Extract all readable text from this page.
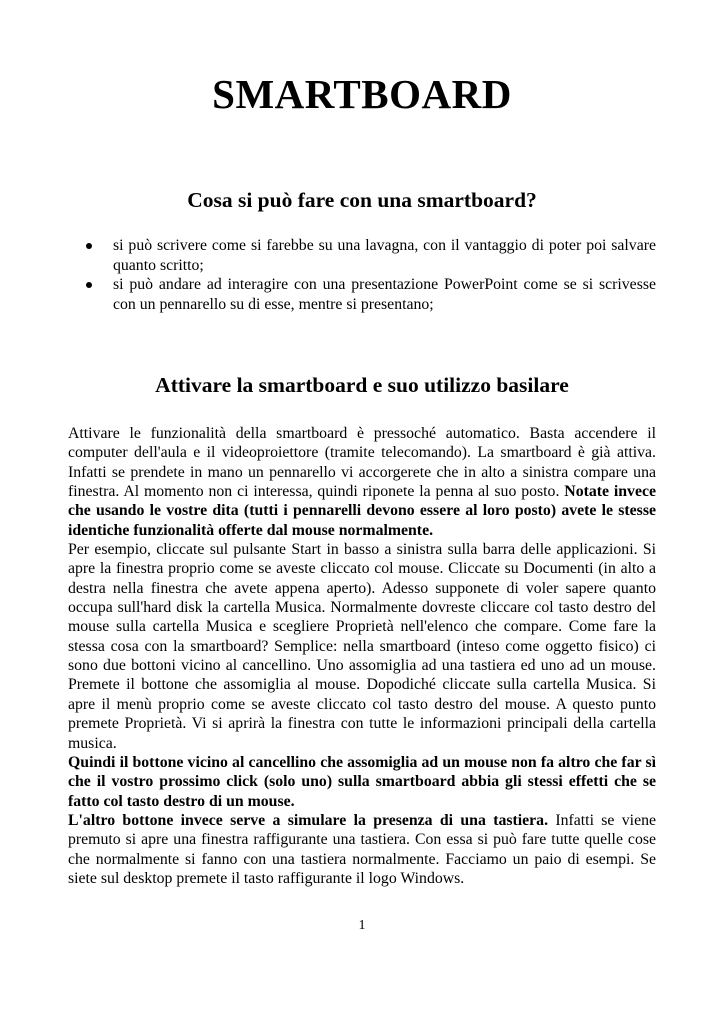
SMARTBOARD
Cosa si può fare con una smartboard?
si può scrivere come si farebbe su una lavagna, con il vantaggio di poter poi salvare quanto scritto;
si può andare ad interagire con una presentazione PowerPoint come se si scrivesse con un pennarello su di esse, mentre si presentano;
Attivare la smartboard e suo utilizzo basilare

Attivare le funzionalità della smartboard è pressoché automatico. Basta accendere il computer dell'aula e il videoproiettore (tramite telecomando). La smartboard è già attiva. Infatti se prendete in mano un pennarello vi accorgerete che in alto a sinistra compare una finestra. Al momento non ci interessa, quindi riponete la penna al suo posto. Notate invece che usando le vostre dita (tutti i pennarelli devono essere al loro posto) avete le stesse identiche funzionalità offerte dal mouse normalmente.

Per esempio, cliccate sul pulsante Start in basso a sinistra sulla barra delle applicazioni. Si apre la finestra proprio come se aveste cliccato col mouse. Cliccate su Documenti (in alto a destra nella finestra che avete appena aperto). Adesso supponete di voler sapere quanto occupa sull'hard disk la cartella Musica. Normalmente dovreste cliccare col tasto destro del mouse sulla cartella Musica e scegliere Proprietà nell'elenco che compare. Come fare la stessa cosa con la smartboard? Semplice: nella smartboard (inteso come oggetto fisico) ci sono due bottoni vicino al cancellino. Uno assomiglia ad una tastiera ed uno ad un mouse. Premete il bottone che assomiglia al mouse. Dopodiché cliccate sulla cartella Musica. Si apre il menù proprio come se aveste cliccato col tasto destro del mouse. A questo punto premete Proprietà. Vi si aprirà la finestra con tutte le informazioni principali della cartella musica.

Quindi il bottone vicino al cancellino che assomiglia ad un mouse non fa altro che far sì che il vostro prossimo click (solo uno) sulla smartboard abbia gli stessi effetti che se fatto col tasto destro di un mouse.

L'altro bottone invece serve a simulare la presenza di una tastiera. Infatti se viene premuto si apre una finestra raffigurante una tastiera. Con essa si può fare tutte quelle cose che normalmente si fanno con una tastiera normalmente. Facciamo un paio di esempi. Se siete sul desktop premete il tasto raffigurante il logo Windows.

1
